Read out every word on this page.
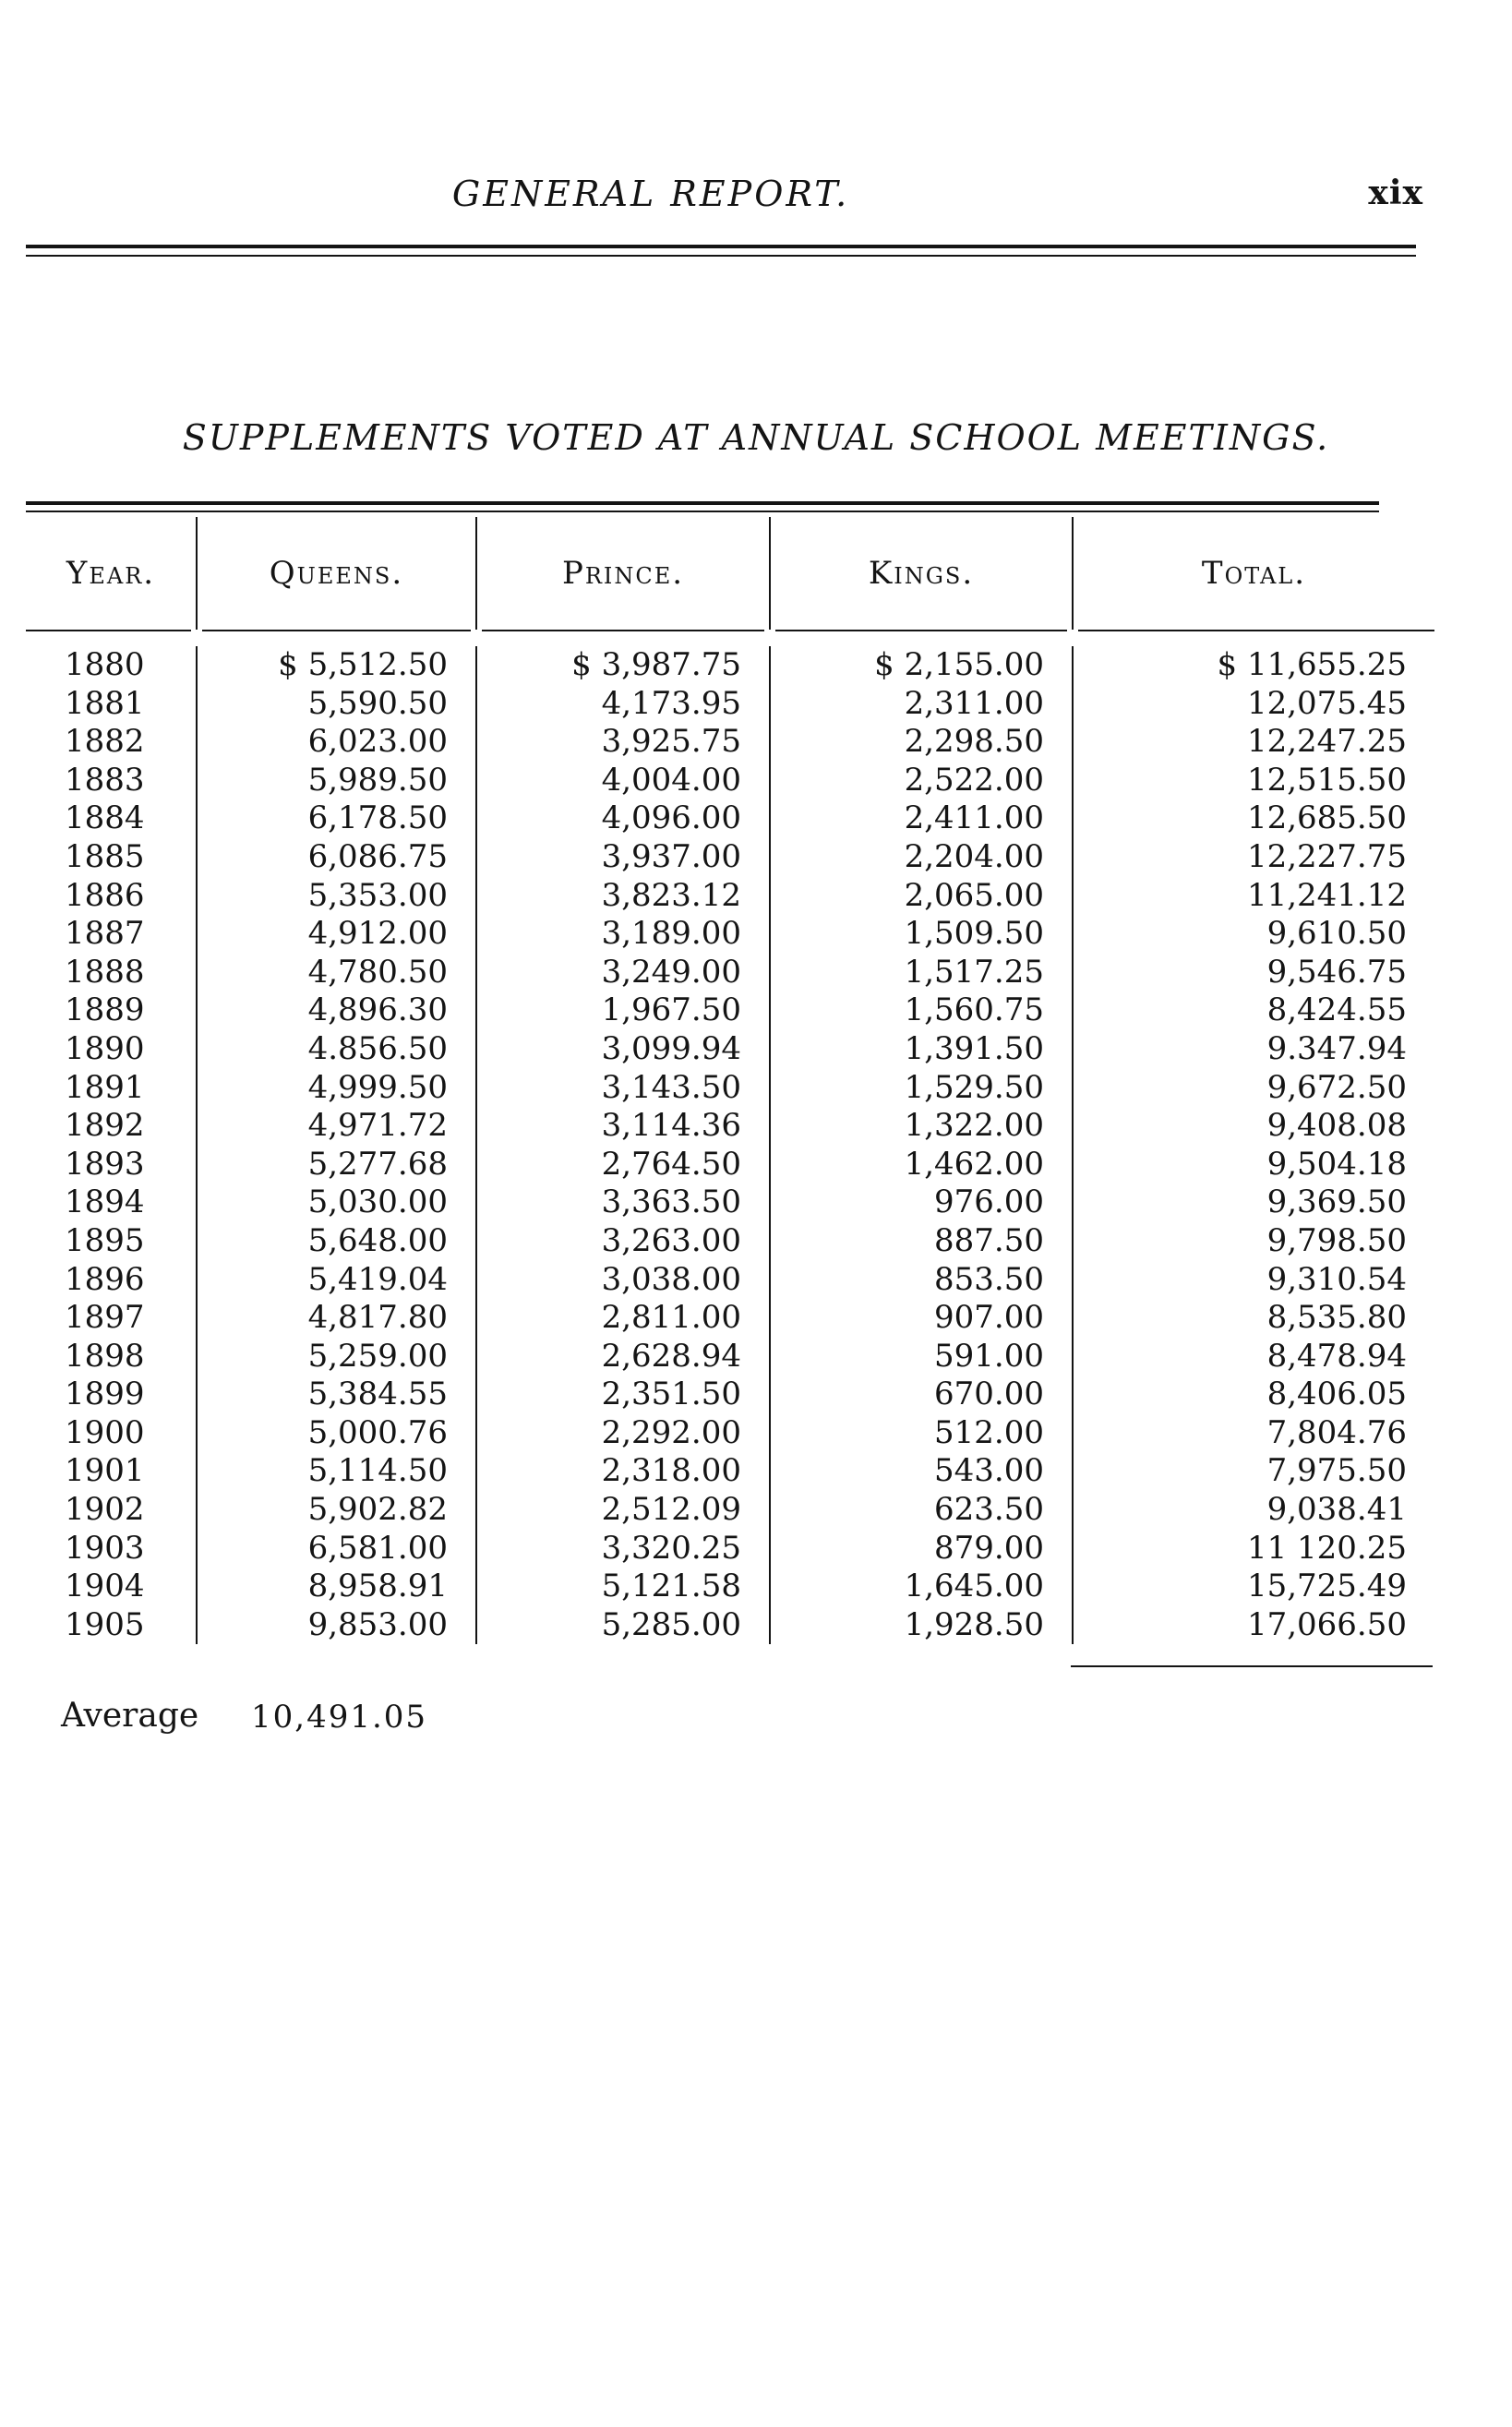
GENERAL REPORT.	xix
SUPPLEMENTS VOTED AT ANNUAL SCHOOL MEETINGS.
Year.	Queens.	Prince.	Kings.	Total.

1880	$ 5,512.50	$ 3,987.75	$ 2,155.00	$ 11,655.25
1881	5,590.50	4,173.95	2,311.00	12,075.45
1882	6,023.00	3,925.75	2,298.50	12,247.25
1883	5,989.50	4,004.00	2,522.00	12,515.50
1884	6,178.50	4,096.00	2,411.00	12,685.50
1885	6,086.75	3,937.00	2,204.00	12,227.75
1886	5,353.00	3,823.12	2,065.00	11,241.12
1887	4,912.00	3,189.00	1,509.50	9,610.50
1888	4,780.50	3,249.00	1,517.25	9,546.75
1889	4,896.30	1,967.50	1,560.75	8,424.55
1890	4.856.50	3,099.94	1,391.50	9.347.94
1891	4,999.50	3,143.50	1,529.50	9,672.50
1892	4,971.72	3,114.36	1,322.00	9,408.08
1893	5,277.68	2,764.50	1,462.00	9,504.18
1894	5,030.00	3,363.50	976.00	9,369.50
1895	5,648.00	3,263.00	887.50	9,798.50
1896	5,419.04	3,038.00	853.50	9,310.54
1897	4,817.80	2,811.00	907.00	8,535.80
1898	5,259.00	2,628.94	591.00	8,478.94
1899	5,384.55	2,351.50	670.00	8,406.05
1900	5,000.76	2,292.00	512.00	7,804.76
1901	5,114.50	2,318.00	543.00	7,975.50
1902	5,902.82	2,512.09	623.50	9,038.41
1903	6,581.00	3,320.25	879.00	11 120.25
1904	8,958.91	5,121.58	1,645.00	15,725.49
1905	9,853.00	5,285.00	1,928.50	17,066.50
Average 10,491.05
